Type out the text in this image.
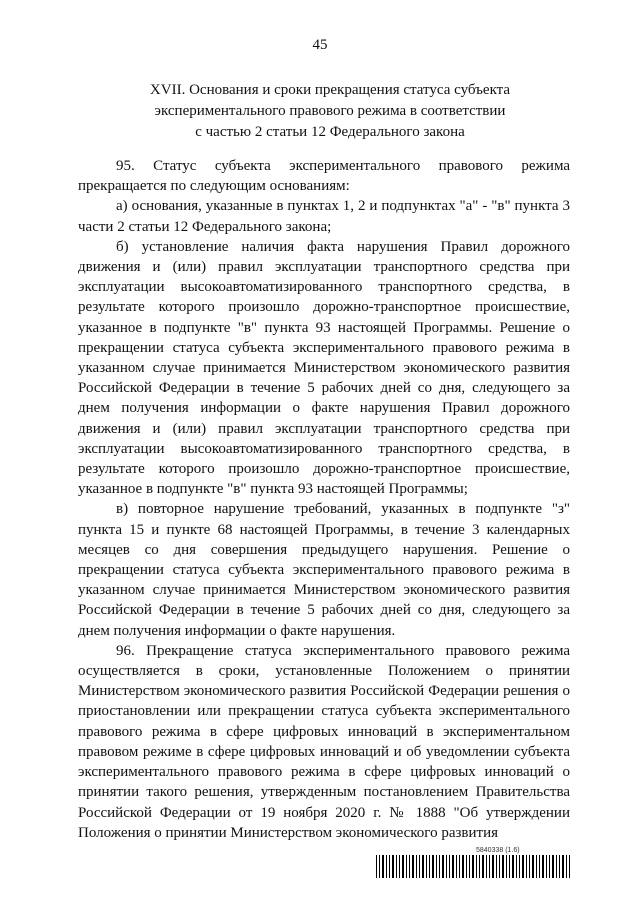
45
XVII. Основания и сроки прекращения статуса субъекта
экспериментального правового режима в соответствии
с частью 2 статьи 12 Федерального закона

95. Статус субъекта экспериментального правового режима прекращается по следующим основаниям:

а) основания, указанные в пунктах 1, 2 и подпунктах "а" - "в" пункта 3 части 2 статьи 12 Федерального закона;

б) установление наличия факта нарушения Правил дорожного движения и (или) правил эксплуатации транспортного средства при эксплуатации высокоавтоматизированного транспортного средства, в результате которого произошло дорожно-транспортное происшествие, указанное в подпункте "в" пункта 93 настоящей Программы. Решение о прекращении статуса субъекта экспериментального правового режима в указанном случае принимается Министерством экономического развития Российской Федерации в течение 5 рабочих дней со дня, следующего за днем получения информации о факте нарушения Правил дорожного движения и (или) правил эксплуатации транспортного средства при эксплуатации высокоавтоматизированного транспортного средства, в результате которого произошло дорожно-транспортное происшествие, указанное в подпункте "в" пункта 93 настоящей Программы;

в) повторное нарушение требований, указанных в подпункте "з" пункта 15 и пункте 68 настоящей Программы, в течение 3 календарных месяцев со дня совершения предыдущего нарушения. Решение о прекращении статуса субъекта экспериментального правового режима в указанном случае принимается Министерством экономического развития Российской Федерации в течение 5 рабочих дней со дня, следующего за днем получения информации о факте нарушения.

96. Прекращение статуса экспериментального правового режима осуществляется в сроки, установленные Положением о принятии Министерством экономического развития Российской Федерации решения о приостановлении или прекращении статуса субъекта экспериментального правового режима в сфере цифровых инноваций в экспериментальном правовом режиме в сфере цифровых инноваций и об уведомлении субъекта экспериментального правового режима в сфере цифровых инноваций о принятии такого решения, утвержденным постановлением Правительства Российской Федерации от 19 ноября 2020 г. № 1888 "Об утверждении Положения о принятии Министерством экономического развития

5840338 (1.6)
